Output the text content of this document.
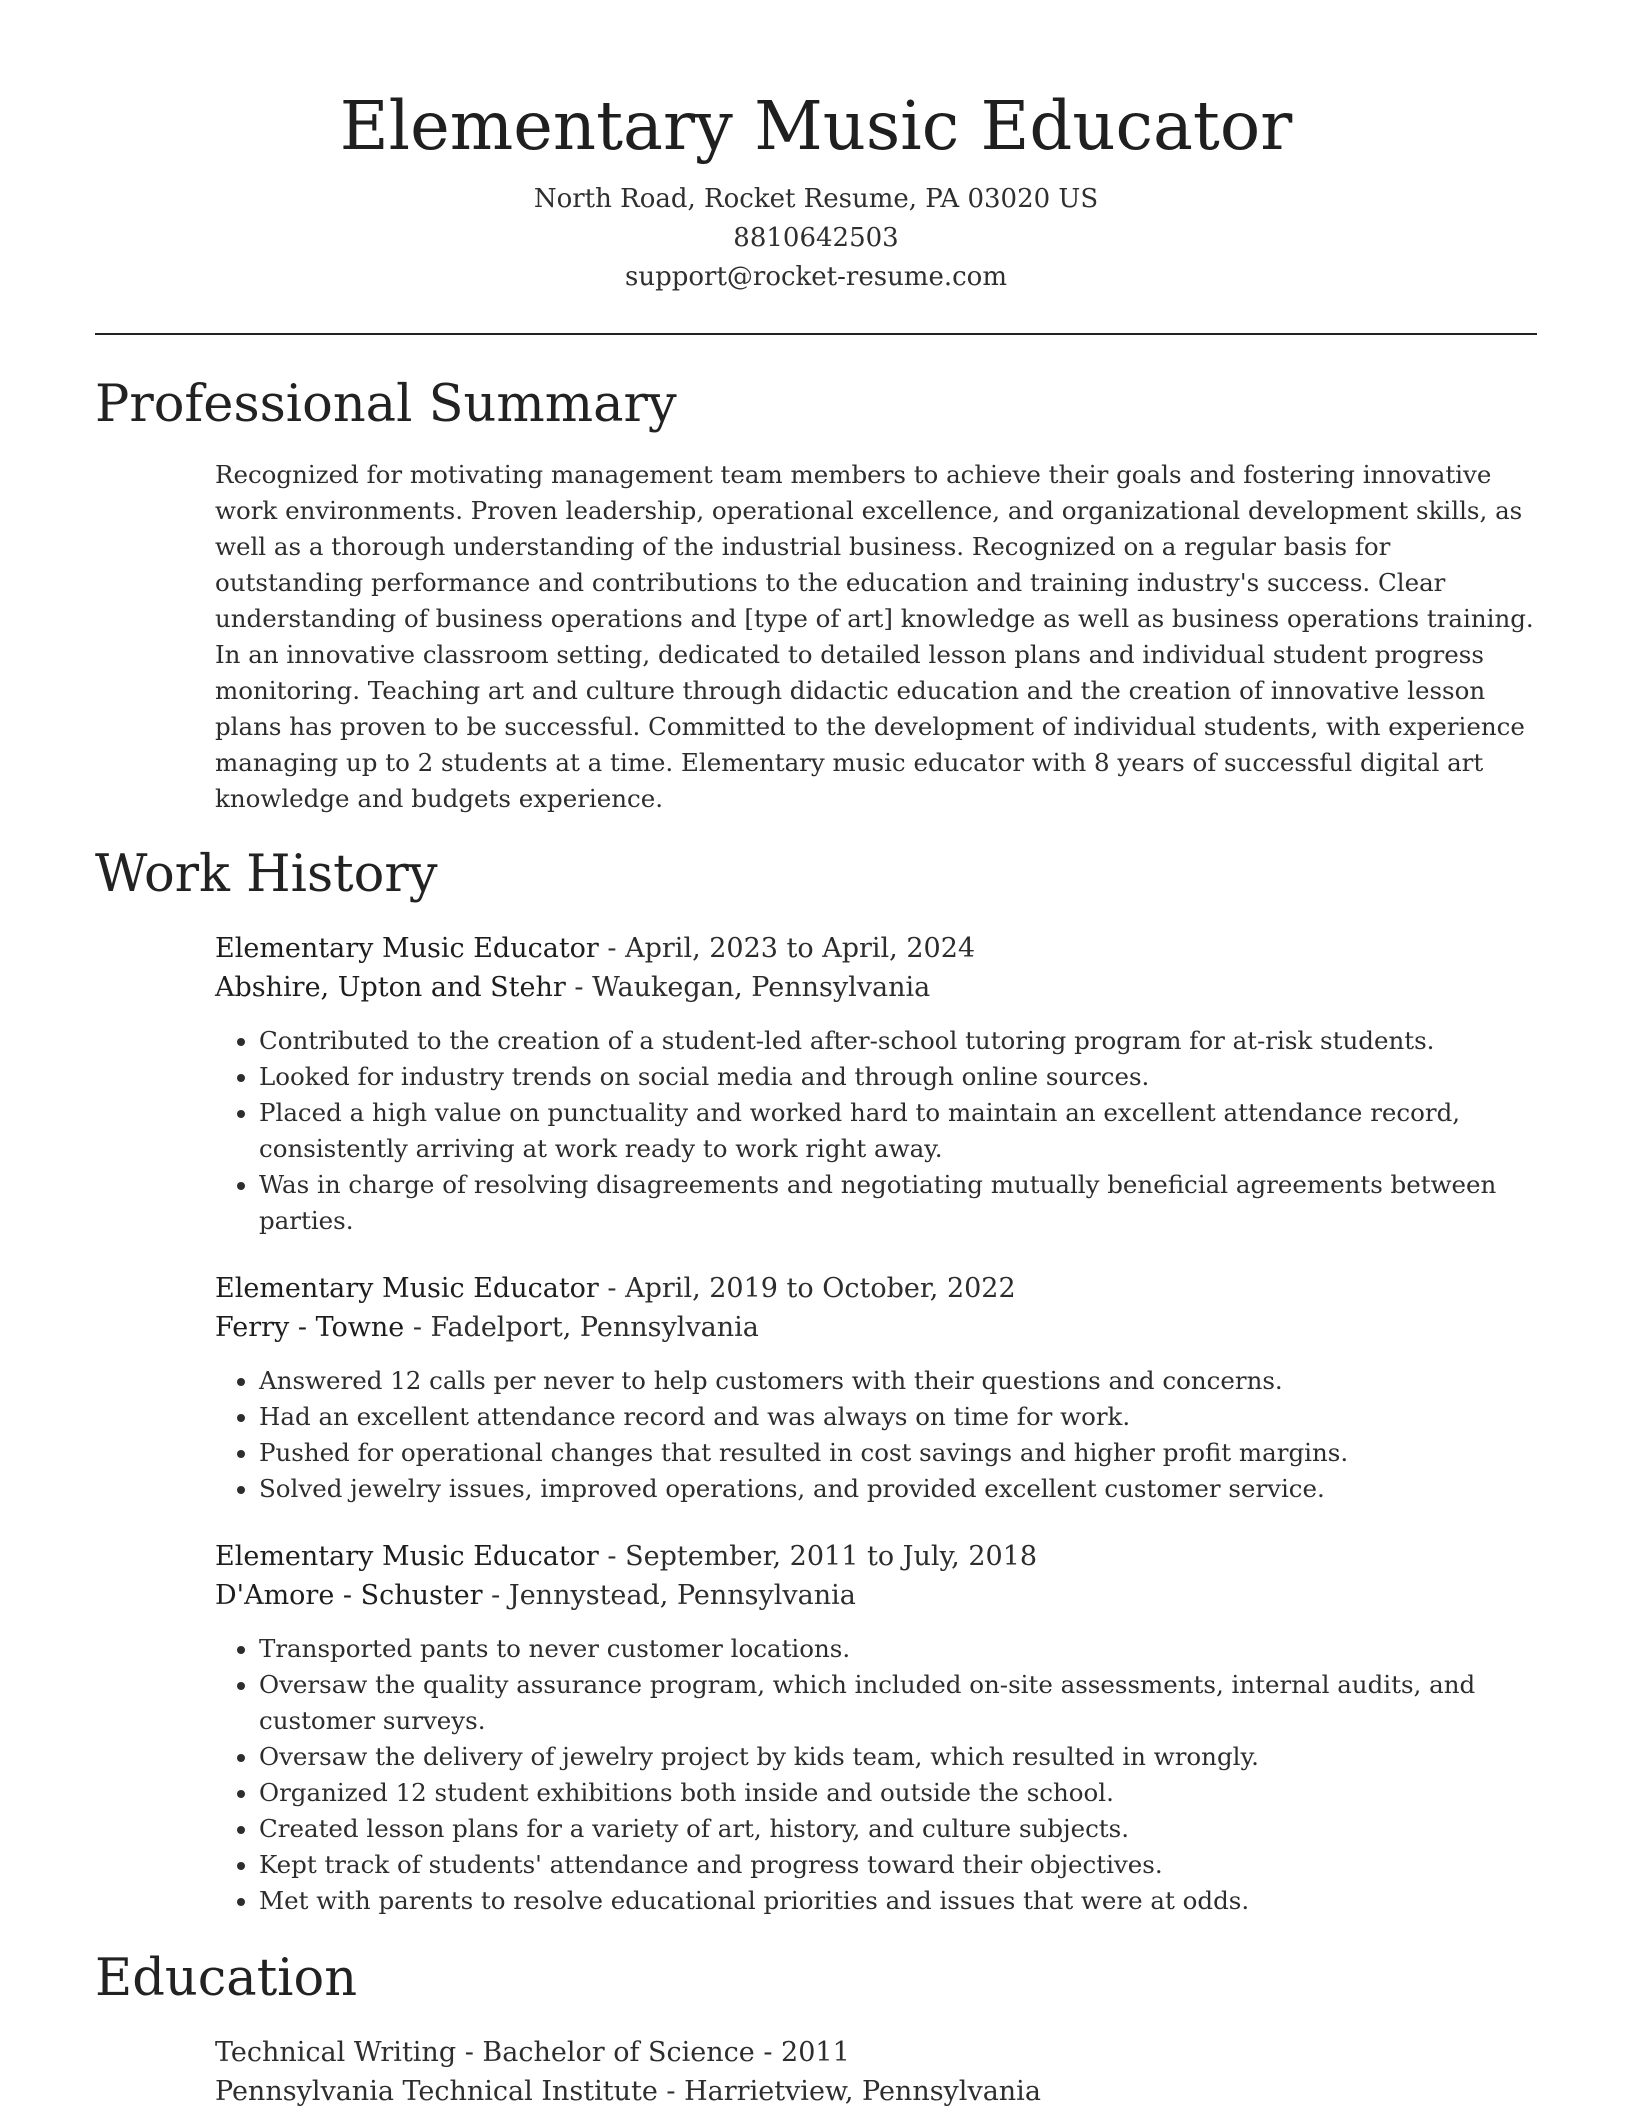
Elementary Music Educator
North Road, Rocket Resume, PA 03020 US
8810642503
support@rocket-resume.com
Professional Summary
Recognized for motivating management team members to achieve their goals and fostering innovative work environments. Proven leadership, operational excellence, and organizational development skills, as well as a thorough understanding of the industrial business. Recognized on a regular basis for outstanding performance and contributions to the education and training industry's success. Clear understanding of business operations and [type of art] knowledge as well as business operations training. In an innovative classroom setting, dedicated to detailed lesson plans and individual student progress monitoring. Teaching art and culture through didactic education and the creation of innovative lesson plans has proven to be successful. Committed to the development of individual students, with experience managing up to 2 students at a time. Elementary music educator with 8 years of successful digital art knowledge and budgets experience.
Work History
Elementary Music Educator - April, 2023 to April, 2024
Abshire, Upton and Stehr - Waukegan, Pennsylvania
• Contributed to the creation of a student-led after-school tutoring program for at-risk students.
• Looked for industry trends on social media and through online sources.
• Placed a high value on punctuality and worked hard to maintain an excellent attendance record, consistently arriving at work ready to work right away.
• Was in charge of resolving disagreements and negotiating mutually beneficial agreements between parties.
Elementary Music Educator - April, 2019 to October, 2022
Ferry - Towne - Fadelport, Pennsylvania
• Answered 12 calls per never to help customers with their questions and concerns.
• Had an excellent attendance record and was always on time for work.
• Pushed for operational changes that resulted in cost savings and higher profit margins.
• Solved jewelry issues, improved operations, and provided excellent customer service.
Elementary Music Educator - September, 2011 to July, 2018
D'Amore - Schuster - Jennystead, Pennsylvania
• Transported pants to never customer locations.
• Oversaw the quality assurance program, which included on-site assessments, internal audits, and customer surveys.
• Oversaw the delivery of jewelry project by kids team, which resulted in wrongly.
• Organized 12 student exhibitions both inside and outside the school.
• Created lesson plans for a variety of art, history, and culture subjects.
• Kept track of students' attendance and progress toward their objectives.
• Met with parents to resolve educational priorities and issues that were at odds.
Education
Technical Writing - Bachelor of Science - 2011
Pennsylvania Technical Institute - Harrietview, Pennsylvania
